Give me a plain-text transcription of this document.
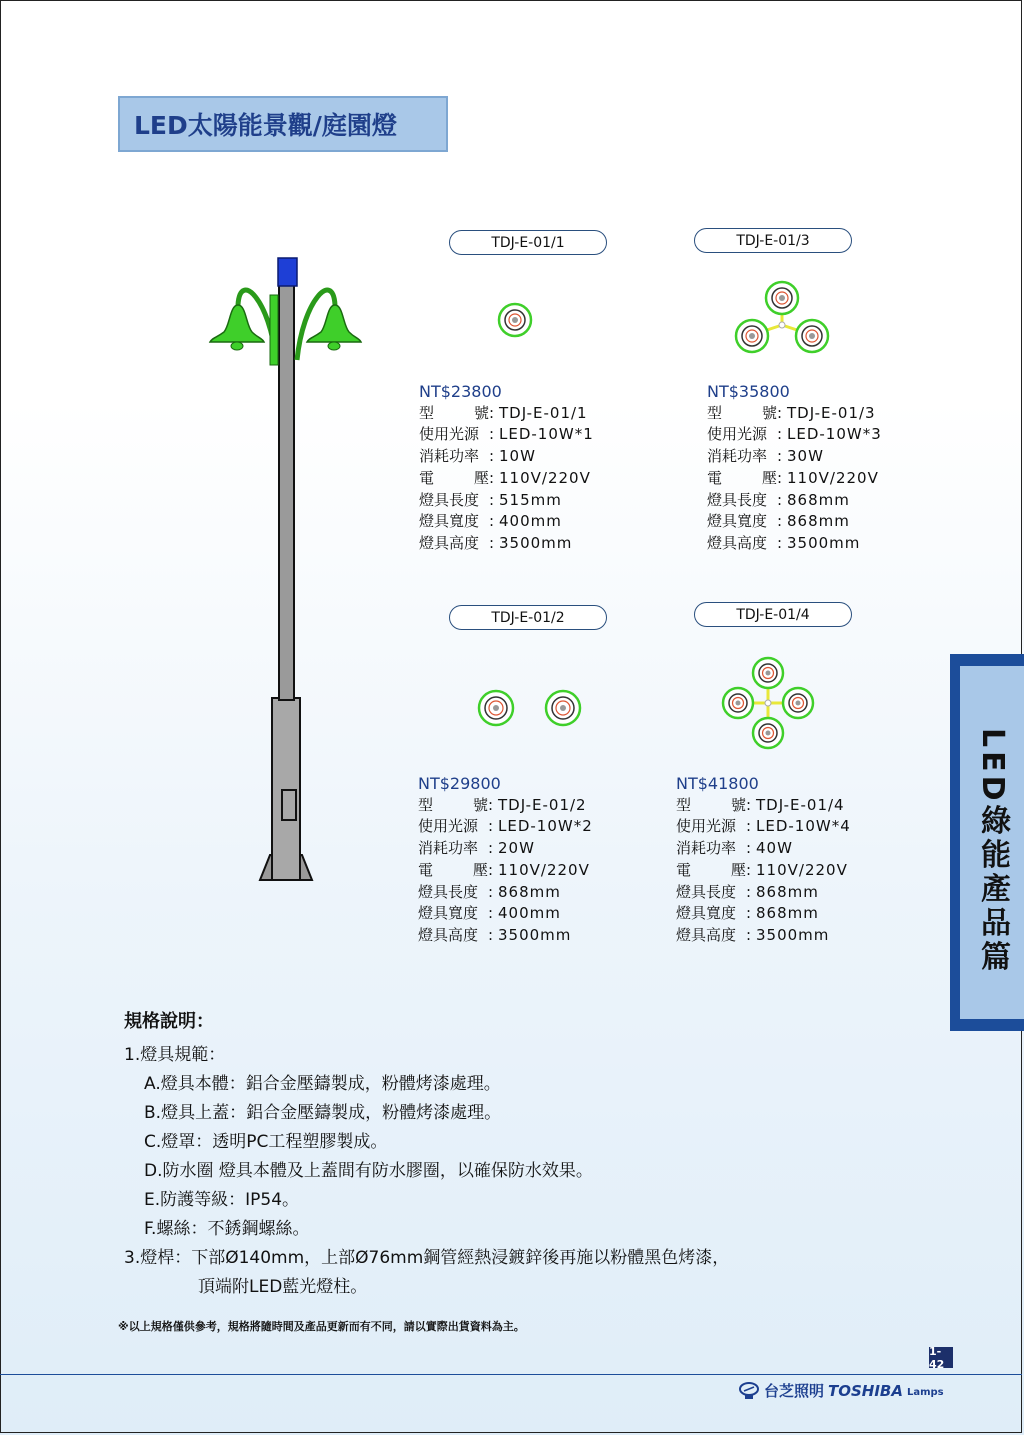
LED太陽能景觀/庭園燈
TDJ-E-01/1	TDJ-E-01/3
TDJ-E-01/2	TDJ-E-01/4
NT$23800
型	號 : TDJ-E-01/1
使用光源 : LED-10W*1
消耗功率 : 10W
電	壓 : 110V/220V
燈具長度 : 515mm
燈具寬度 : 400mm
燈具高度 : 3500mm
NT$35800
型	號 : TDJ-E-01/3
使用光源 : LED-10W*3
消耗功率 : 30W
電	壓 : 110V/220V
燈具長度 : 868mm
燈具寬度 : 868mm
燈具高度 : 3500mm
NT$29800
型	號 : TDJ-E-01/2
使用光源 : LED-10W*2
消耗功率 : 20W
電	壓 : 110V/220V
燈具長度 : 868mm
燈具寬度 : 400mm
燈具高度 : 3500mm
NT$41800
型	號 : TDJ-E-01/4
使用光源 : LED-10W*4
消耗功率 : 40W
電	壓 : 110V/220V
燈具長度 : 868mm
燈具寬度 : 868mm
燈具高度 : 3500mm	LED綠能產品篇
規格說明：
1.燈具規範：
A.燈具本體：鋁合金壓鑄製成，粉體烤漆處理。
B.燈具上蓋：鋁合金壓鑄製成，粉體烤漆處理。
C.燈罩：透明PC工程塑膠製成。
D.防水圈 燈具本體及上蓋間有防水膠圈，以確保防水效果。
E.防護等級：IP54。
F.螺絲：不銹鋼螺絲。
3.燈桿：下部Ø140mm，上部Ø76mm鋼管經熱浸鍍鋅後再施以粉體黑色烤漆，
頂端附LED藍光燈柱。
※以上規格僅供參考，規格將隨時間及產品更新而有不同，請以實際出貨資料為主。
1-42
台芝照明 TOSHIBA Lamps
